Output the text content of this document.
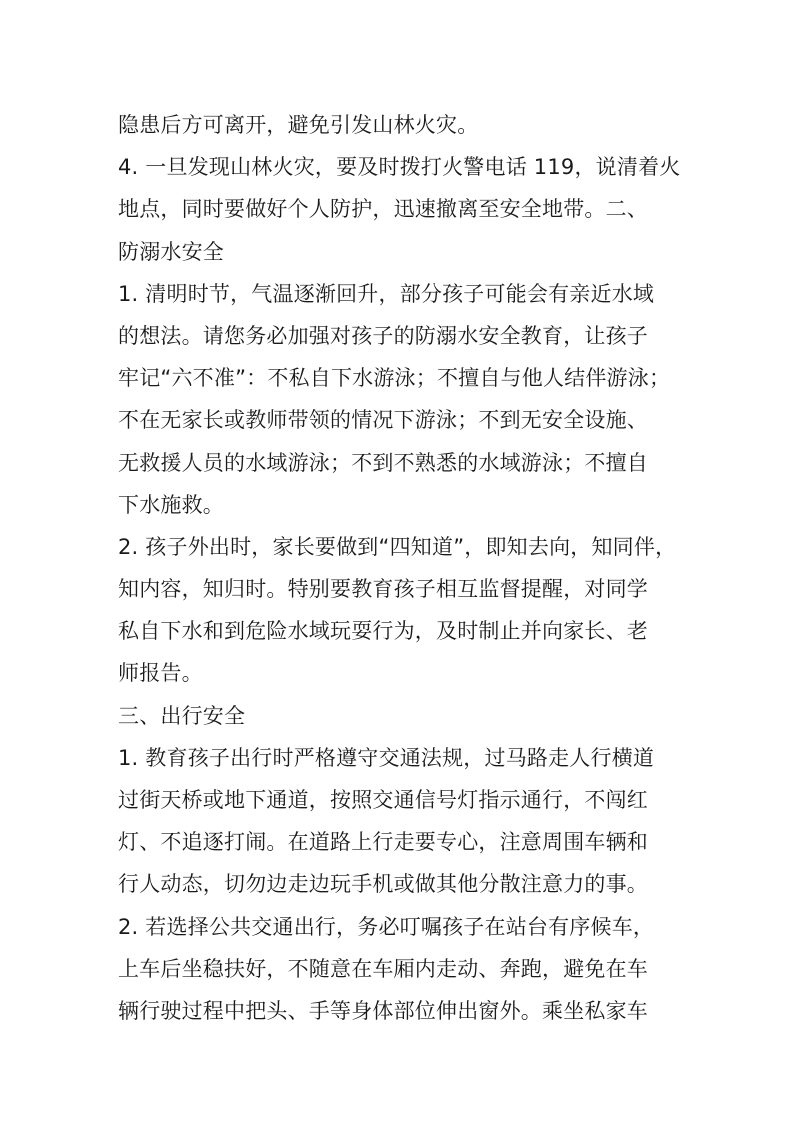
隐患后方可离开，避免引发山林火灾。
4. 一旦发现山林火灾，要及时拨打火警电话 119，说清着火
地点，同时要做好个人防护，迅速撤离至安全地带。二、
防溺水安全
1. 清明时节，气温逐渐回升，部分孩子可能会有亲近水域
的想法。请您务必加强对孩子的防溺水安全教育，让孩子
牢记“六不准”：不私自下水游泳；不擅自与他人结伴游泳；
不在无家长或教师带领的情况下游泳；不到无安全设施、
无救援人员的水域游泳；不到不熟悉的水域游泳；不擅自
下水施救。
2. 孩子外出时，家长要做到“四知道”，即知去向，知同伴，
知内容，知归时。特别要教育孩子相互监督提醒，对同学
私自下水和到危险水域玩耍行为，及时制止并向家长、老
师报告。
三、出行安全
1. 教育孩子出行时严格遵守交通法规，过马路走人行横道
过街天桥或地下通道，按照交通信号灯指示通行，不闯红
灯、不追逐打闹。在道路上行走要专心，注意周围车辆和
行人动态，切勿边走边玩手机或做其他分散注意力的事。
2. 若选择公共交通出行，务必叮嘱孩子在站台有序候车，
上车后坐稳扶好，不随意在车厢内走动、奔跑，避免在车
辆行驶过程中把头、手等身体部位伸出窗外。乘坐私家车
